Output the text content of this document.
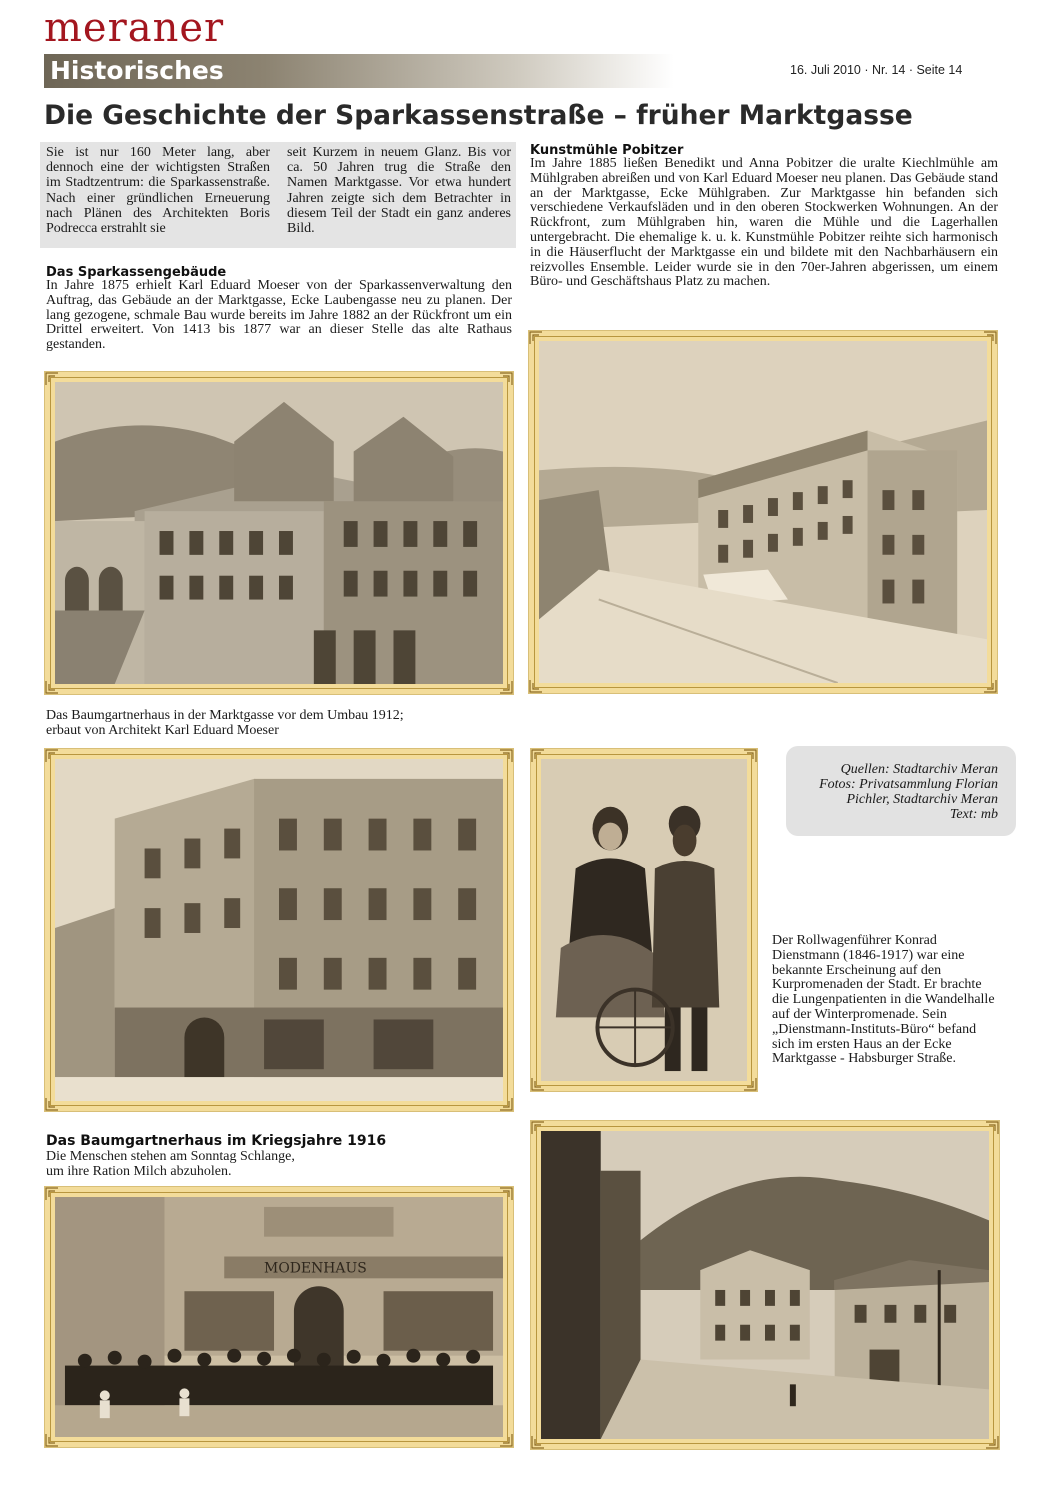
meraner
Historisches	16. Juli 2010 · Nr. 14 · Seite 14
Die Geschichte der Sparkassenstraße – früher Marktgasse
Sie ist nur 160 Meter lang, aber dennoch eine der wichtigsten Straßen im Stadtzentrum: die Sparkassenstraße. Nach einer gründlichen Erneuerung nach Plänen des Architekten Boris Podrecca erstrahlt sie
seit Kurzem in neuem Glanz. Bis vor ca. 50 Jahren trug die Straße den Namen Marktgasse. Vor etwa hundert Jahren zeigte sich dem Betrachter in diesem Teil der Stadt ein ganz anderes Bild.
Das Sparkassengebäude
In Jahre 1875 erhielt Karl Eduard Moeser von der Sparkassenverwaltung den Auftrag, das Gebäude an der Marktgasse, Ecke Laubengasse neu zu planen. Der lang gezogene, schmale Bau wurde bereits im Jahre 1882 an der Rückfront um ein Drittel erweitert. Von 1413 bis 1877 war an dieser Stelle das alte Rathaus gestanden.
Kunstmühle Pobitzer
Im Jahre 1885 ließen Benedikt und Anna Pobitzer die uralte Kiechlmühle am Mühlgraben abreißen und von Karl Eduard Moeser neu planen. Das Gebäude stand an der Marktgasse, Ecke Mühlgraben. Zur Marktgasse hin befanden sich verschiedene Verkaufsläden und in den oberen Stockwerken Wohnungen. An der Rückfront, zum Mühlgraben hin, waren die Mühle und die Lagerhallen untergebracht. Die ehemalige k. u. k. Kunstmühle Pobitzer reihte sich harmonisch in die Häuserflucht der Marktgasse ein und bildete mit den Nachbarhäusern ein reizvolles Ensemble. Leider wurde sie in den 70er-Jahren abgerissen, um einem Büro- und Geschäftshaus Platz zu machen.
Das Baumgartnerhaus in der Marktgasse vor dem Umbau 1912;
erbaut von Architekt Karl Eduard Moeser
Quellen: Stadtarchiv Meran
Fotos: Privatsammlung Florian
Pichler, Stadtarchiv Meran
Text: mb
Der Rollwagenführer Konrad Dienstmann (1846-1917) war eine bekannte Erscheinung auf den Kurpromenaden der Stadt. Er brachte die Lungenpatienten in die Wandelhalle auf der Winterpromenade. Sein „Dienstmann-Instituts-Büro“ befand sich im ersten Haus an der Ecke Marktgasse - Habsburger Straße.
Das Baumgartnerhaus im Kriegsjahre 1916
Die Menschen stehen am Sonntag Schlange,
um ihre Ration Milch abzuholen.
MODENHAUS
